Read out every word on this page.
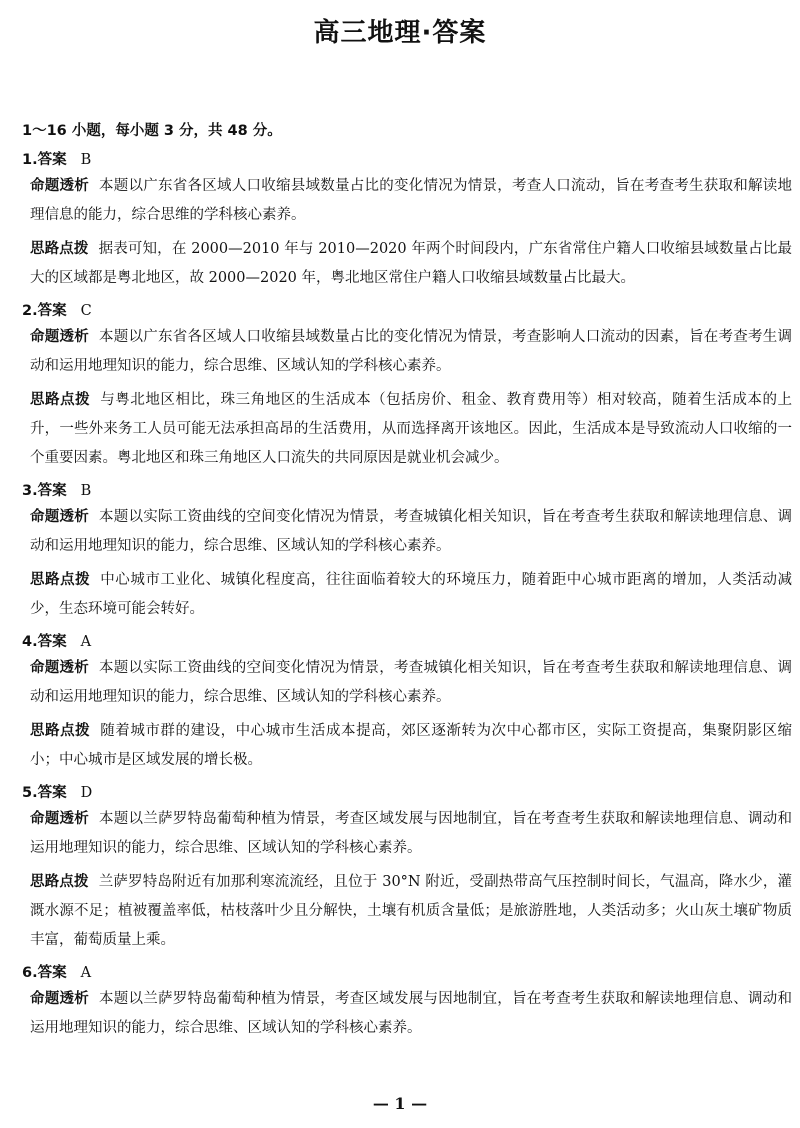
高三地理·答案
1～16 小题，每小题 3 分，共 48 分。
1.答案 B
命题透析 本题以广东省各区域人口收缩县域数量占比的变化情况为情景，考查人口流动，旨在考查考生获取和解读地理信息的能力，综合思维的学科核心素养。
思路点拨 据表可知，在 2000—2010 年与 2010—2020 年两个时间段内，广东省常住户籍人口收缩县域数量占比最大的区域都是粤北地区，故 2000—2020 年，粤北地区常住户籍人口收缩县域数量占比最大。
2.答案 C
命题透析 本题以广东省各区域人口收缩县域数量占比的变化情况为情景，考查影响人口流动的因素，旨在考查考生调动和运用地理知识的能力，综合思维、区域认知的学科核心素养。
思路点拨 与粤北地区相比，珠三角地区的生活成本（包括房价、租金、教育费用等）相对较高，随着生活成本的上升，一些外来务工人员可能无法承担高昂的生活费用，从而选择离开该地区。因此，生活成本是导致流动人口收缩的一个重要因素。粤北地区和珠三角地区人口流失的共同原因是就业机会减少。
3.答案 B
命题透析 本题以实际工资曲线的空间变化情况为情景，考查城镇化相关知识，旨在考查考生获取和解读地理信息、调动和运用地理知识的能力，综合思维、区域认知的学科核心素养。
思路点拨 中心城市工业化、城镇化程度高，往往面临着较大的环境压力，随着距中心城市距离的增加，人类活动减少，生态环境可能会转好。
4.答案 A
命题透析 本题以实际工资曲线的空间变化情况为情景，考查城镇化相关知识，旨在考查考生获取和解读地理信息、调动和运用地理知识的能力，综合思维、区域认知的学科核心素养。
思路点拨 随着城市群的建设，中心城市生活成本提高，郊区逐渐转为次中心都市区，实际工资提高，集聚阴影区缩小；中心城市是区域发展的增长极。
5.答案 D
命题透析 本题以兰萨罗特岛葡萄种植为情景，考查区域发展与因地制宜，旨在考查考生获取和解读地理信息、调动和运用地理知识的能力，综合思维、区域认知的学科核心素养。
思路点拨 兰萨罗特岛附近有加那利寒流流经，且位于 30°N 附近，受副热带高气压控制时间长，气温高，降水少，灌溉水源不足；植被覆盖率低，枯枝落叶少且分解快，土壤有机质含量低；是旅游胜地，人类活动多；火山灰土壤矿物质丰富，葡萄质量上乘。
6.答案 A
命题透析 本题以兰萨罗特岛葡萄种植为情景，考查区域发展与因地制宜，旨在考查考生获取和解读地理信息、调动和运用地理知识的能力，综合思维、区域认知的学科核心素养。
— 1 —
